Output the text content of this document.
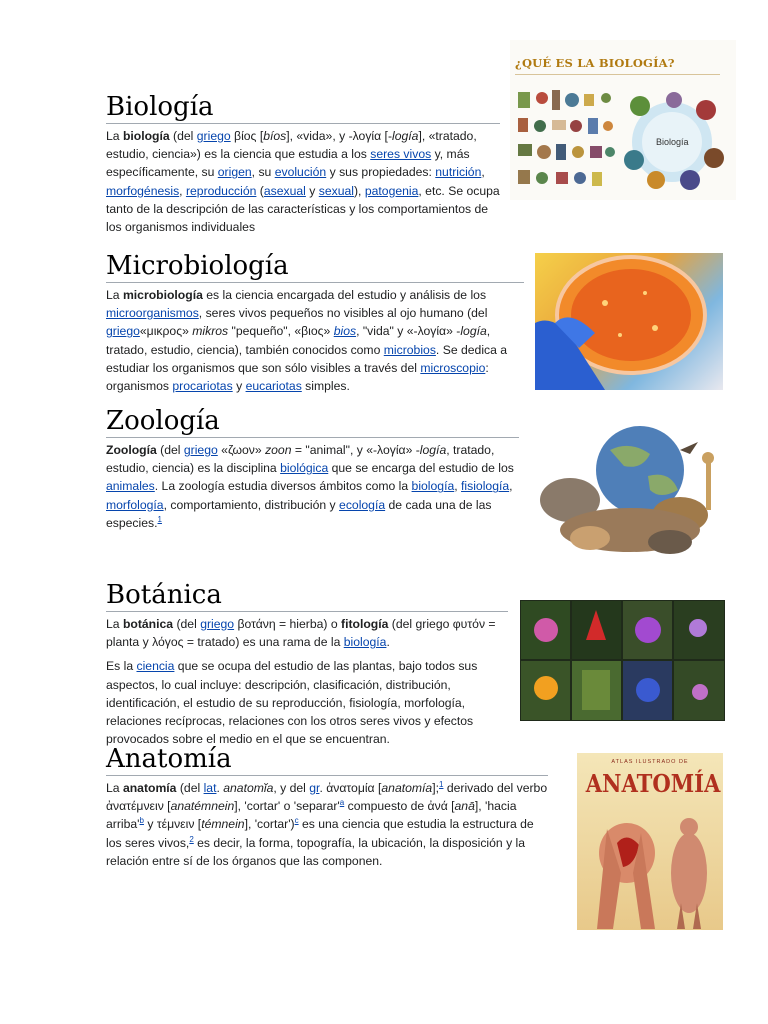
Biología

La biología (del griego βίος [bíos], «vida», y -λογία [-logía], «tratado, estudio, ciencia») es la ciencia que estudia a los seres vivos y, más específicamente, su origen, su evolución y sus propiedades: nutrición, morfogénesis, reproducción (asexual y sexual), patogenia, etc. Se ocupa tanto de la descripción de las características y los comportamientos de los organismos individuales

¿QUÉ ES LA BIOLOGÍA?
Biología
Microbiología

La microbiología es la ciencia encargada del estudio y análisis de los microorganismos, seres vivos pequeños no visibles al ojo humano (del griego«μικρος» mikros "pequeño", «βιος» bios, "vida" y «-λογία» -logía, tratado, estudio, ciencia), también conocidos como microbios. Se dedica a estudiar los organismos que son sólo visibles a través del microscopio: organismos procariotas y eucariotas simples.

Zoología

Zoología (del griego «ζωον» zoon = "animal", y «-λογία» -logía, tratado, estudio, ciencia) es la disciplina biológica que se encarga del estudio de los animales. La zoología estudia diversos ámbitos como la biología, fisiología, morfología, comportamiento, distribución y ecología de cada una de las especies.$^1$

Botánica

La botánica (del griego βοτάνη = hierba) o fitología (del griego φυτόν = planta y λόγος = tratado) es una rama de la biología.

Es la ciencia que se ocupa del estudio de las plantas, bajo todos sus aspectos, lo cual incluye: descripción, clasificación, distribución, identificación, el estudio de su reproducción, fisiología, morfología, relaciones recíprocas, relaciones con los otros seres vivos y efectos provocados sobre el medio en el que se encuentran.

Anatomía

La anatomía (del lat. anatomĭa, y del gr. ἀνατομία [anatomía];$^1$ derivado del verbo ἀνατέμνειν [anatémnein], 'cortar' o 'separar'$^a$ compuesto de ἀνά [anā], 'hacia arriba'$^b$ y τέμνειν [témnein], 'cortar')$^c$ es una ciencia que estudia la estructura de los seres vivos,$^2$ es decir, la forma, topografía, la ubicación, la disposición y la relación entre sí de los órganos que las componen.

ATLAS ILUSTRADO DE
ANATOMÍA
